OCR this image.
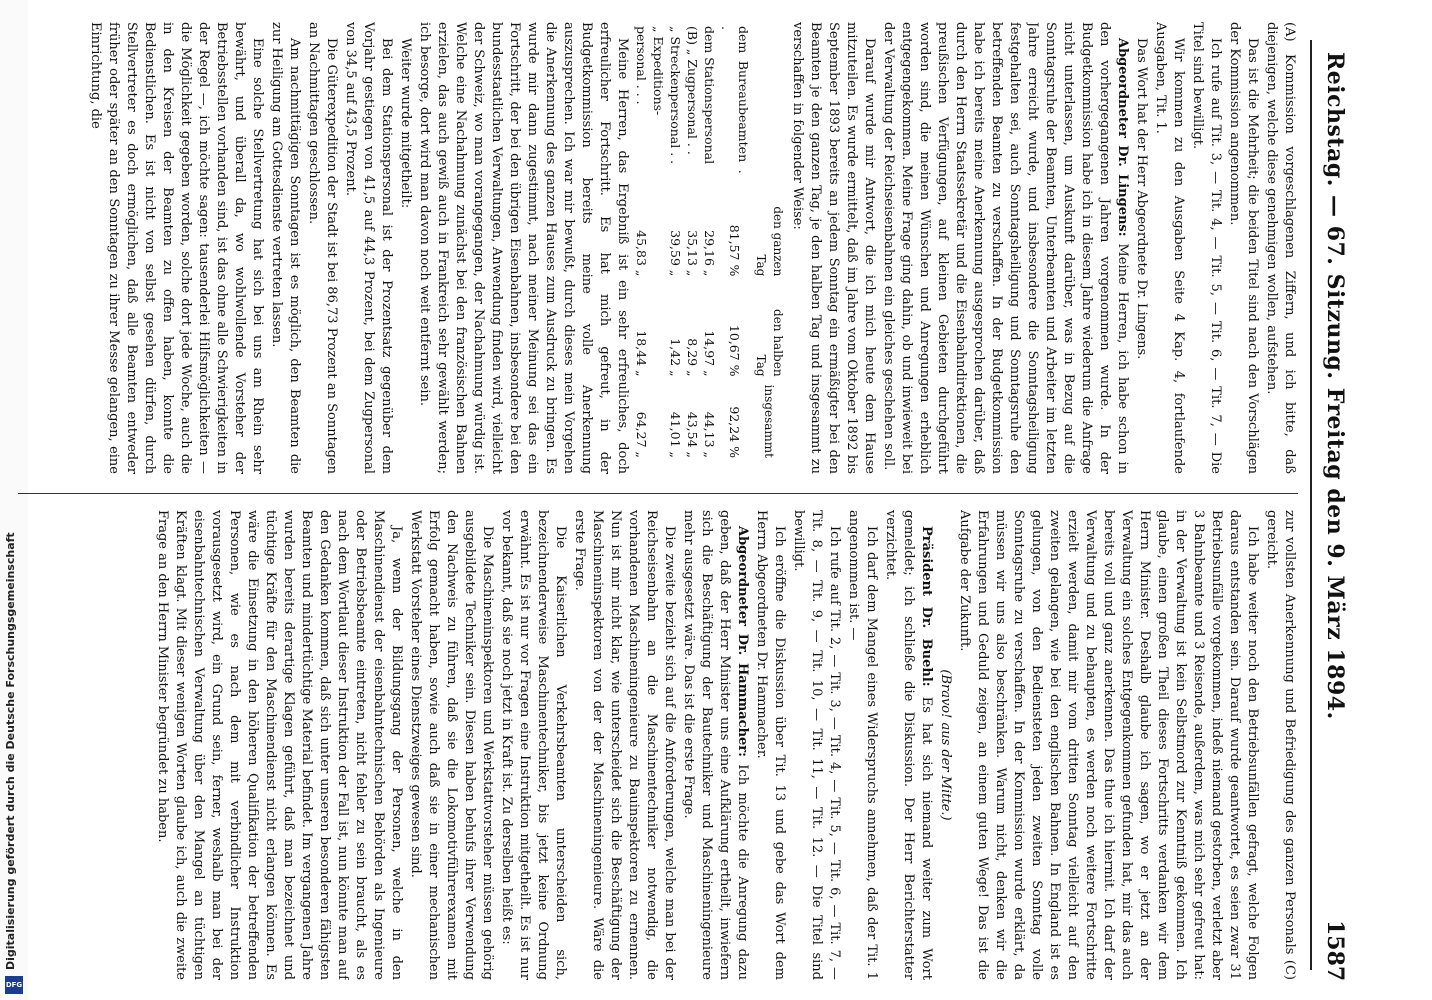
Digitalisierung gefördert durch die Deutsche Forschungsgemeinschaft
DFG
Reichstag. — 67. Sitzung. Freitag den 9. März 1894.
1587

(A) Kommission vorgeschlagenen Ziffern, und ich bitte, daß diejenigen, welche diese genehmigen wollen, aufstehen.

Das ist die Mehrheit; die beiden Titel sind nach den Vorschlägen der Kommission angenommen.

Ich rufe auf Tit. 3, — Tit. 4, — Tit. 5, — Tit. 6, — Tit. 7, — Die Titel sind bewilligt.

Wir kommen zu den Ausgaben Seite 4 Kap. 4, fortlaufende Ausgaben, Tit. 1.

Das Wort hat der Herr Abgeordnete Dr. Lingens.

Abgeordneter Dr. Lingens: Meine Herren, ich habe schon in den vorhergegangenen Jahren vorgenommen wurde. In der Budgetkommission habe ich in diesem Jahre wiederum die Anfrage nicht unterlassen, um Auskunft darüber, was in Bezug auf die Sonntagsruhe der Beamten, Unterbeamten und Arbeiter im letzten Jahre erreicht wurde, und insbesondere die Sonntagsheiligung festgehalten sei, auch Sonntagsheiligung und Sonntagsruhe den betreffenden Beamten zu verschaffen. In der Budgetkommission habe ich bereits meine Anerkennung ausgesprochen darüber, daß durch den Herrn Staatssekretär und die Eisenbahndirektionen, die preußischen Verfügungen, auf kleinen Gebieten durchgeführt worden sind, die meinen Wünschen und Anregungen erheblich entgegengekommen. Meine Frage ging dahin, ob und inwieweit bei der Verwaltung der Reichseisenbahnen ein gleiches geschehen soll.

Darauf wurde mir Antwort, die ich mich heute dem Hause mitzuteilen. Es wurde ermittelt, daß im Jahre vom Oktober 1892 bis September 1893 bereits an jedem Sonntag ein ermäßigter bei den Beamten je den ganzen Tag, je den halben Tag und insgesammt zu verschaffen in folgender Weise:

	den ganzen Tag	den halben Tag	insgesammt
dem Bureaubeamten . .	81,57 %	10,67 %	92,24 %
dem Stationspersonal	29,16 „	14,97 „	44,13 „
(B) „ Zugpersonal . .	35,13 „	8,29 „	43,54 „
„ Streckenpersonal . .	39,59 „	1,42 „	41,01 „
„ Expeditions-			
personal . . .	45,83 „	18,44 „	64,27 „

Meine Herren, das Ergebniß ist ein sehr erfreuliches, doch erfreulicher Fortschritt. Es hat mich gefreut, in der Budgetkommission bereits meine volle Anerkennung auszusprechen. Ich war mir bewußt, durch dieses mein Vorgehen die Anerkennung des ganzen Hauses zum Ausdruck zu bringen. Es wurde mir dann zugestimmt, nach meiner Meinung sei das ein Fortschritt, der bei den übrigen Eisenbahnen, insbesondere bei den bundesstaatlichen Verwaltungen, Anwendung finden wird, vielleicht der Schweiz, wo man vorangegangen, der Nachahmung würdig ist. Welche eine Nachahmung zunächst bei den französischen Bahnen erzielen, das auch gewiß auch in Frankreich sehr gewählt werden; ich besorge, dort wird man davon noch weit entfernt sein.

Weiter wurde mitgetheilt:

Bei dem Stationspersonal ist der Prozentsatz gegenüber dem Vorjahr gestiegen von 41,5 auf 44,3 Prozent, bei dem Zugpersonal von 34,5 auf 43,5 Prozent.

Die Güterexpedition der Stadt ist bei 86,73 Prozent an Sonntagen an Nachmittagen geschlossen.

Am nachmittägigen Sonntagen ist es möglich, den Beamten die zur Heiligung am Gottesdienste vertreten lassen.

Eine solche Stellvertretung hat sich bei uns am Rhein sehr bewährt, und überall da, wo wohlwollende Vorsteher der Betriebsstellen vorhanden sind, ist das ohne alle Schwierigkeiten in der Regel —, ich möchte sagen: tausenderlei Hilfsmöglichkeiten — die Möglichkeit gegeben worden, solche dort jede Woche, auch die in den Kreisen der Beamten zu offen haben, konnte die Bedienstlichen. Es ist nicht von selbst gesehen dürfen, durch Stellvertreter es doch ermöglichen, daß alle Beamten entweder früher oder später an den Sonntagen zu ihrer Messe gelangen, eine Einrichtung, die

zur vollsten Anerkennung und Befriedigung des ganzen Personals (C) gereicht.

Ich habe weiter noch den Betriebsunfällen gefragt, welche Folgen daraus entstanden sein. Darauf wurde geantwortet, es seien zwar 31 Betriebsunfälle vorgekommen, indeß niemand gestorben, verletzt aber 3 Bahnbeamte und 3 Reisende, außerdem, was mich sehr gefreut hat: in der Verwaltung ist kein Selbstmord zur Kenntniß gekommen. Ich glaube, einen großen Theil dieses Fortschritts verdanken wir dem Herrn Minister. Deshalb glaube ich sagen, wo er jetzt an der Verwaltung ein solches Entgegenkommen gefunden hat, mir das auch bereits voll und ganz anerkennen. Das thue ich hiermit. Ich darf der Verwaltung und zu behaupten, es werden noch weitere Fortschritte erzielt werden, damit mir vom dritten Sonntag vielleicht auf den zweiten gelangen, wie bei den englischen Bahnen. In England ist es gelungen, von den Bediensteten jeden zweiten Sonntag volle Sonntagsruhe zu verschaffen. In der Kommission wurde erklärt, da müssen wir uns also beschränken. Warum nicht, denken wir die Erfahrungen und Geduld zeigen, an einem guten Wege! Das ist die Aufgabe der Zukunft.

(Bravo! aus der Mitte.)

Präsident Dr. Buehl: Es hat sich niemand weiter zum Wort gemeldet; ich schließe die Diskussion. Der Herr Berichterstatter verzichtet.

Ich darf dem Mangel eines Widerspruchs annehmen, daß der Tit. 1 angenommen ist. —

Ich rufe auf Tit. 2, — Tit. 3, — Tit. 4, — Tit. 5, — Tit. 6, — Tit. 7, — Tit. 8, — Tit. 9, — Tit. 10, — Tit. 11, — Tit. 12. — Die Titel sind bewilligt.

Ich eröffne die Diskussion über Tit. 13 und gebe das Wort dem Herrn Abgeordneten Dr. Hammacher.

Abgeordneter Dr. Hammacher: Ich möchte die Anregung dazu geben, daß der Herr Minister uns eine Aufklärung ertheilt, inwiefern sich die Beschäftigung der Bautechniker und Maschineningenieure mehr ausgesetzt wäre. Das ist die erste Frage.

Die zweite bezieht sich auf die Anforderungen, welche man bei der Reichseisenbahn an die Maschinentechniker notwendig, die vorhandenen Maschineningenieure zu Bauinspektoren zu ernennen. Nun ist mir nicht klar, wie unterscheidet sich die Beschäftigung der Maschineninspektoren von der der Maschineningenieure. Wäre die erste Frage.

Die Kaiserlichen Verkehrsbeamten unterscheiden sich, bezeichnenderweise Maschinentechniker, bis jetzt keine Ordnung erwähnt. Es ist nur vor Fragen eine Instruktion mitgetheilt. Es ist nur vor bekannt, daß sie noch jetzt in Kraft ist. Zu derselben heißt es:

Die Maschineninspektoren und Werkstattvorsteher müssen gehörig ausgebildete Techniker sein. Diesen haben behufs ihrer Verwendung den Nachweis zu führen, daß sie die Lokomotivführerexamen mit Erfolg gemacht haben, sowie auch daß sie in einer mechanischen Werkstatt Vorsteher eines Dienstzweiges gewesen sind.

Ja, wenn der Bildungsgang der Personen, welche in den Maschinendienst der eisenbahntechnischen Behörden als Ingenieure oder Betriebsbeamte eintreten, nicht fehler zu sein braucht, als es nach dem Wortlaut dieser Instruktion der Fall ist, nun könnte man auf den Gedanken kommen, daß sich unter unseren besonderen fähigsten Beamten und mindertüchtige Material befindet. Im vergangenen Jahre wurden bereits derartige Klagen geführt, daß man bezeichnet und tüchtige Kräfte für den Maschinendienst nicht erlangen können. Es wäre die Einsetzung in den höheren Qualifikation der betreffenden Personen, wie es nach dem mit verbindlicher Instruktion vorausgesetzt wird, ein Grund sein, ferner, weshalb man bei der eisenbahntechnischen Verwaltung über den Mangel an tüchtigen Kräften klagt. Mit dieser wenigen Worten glaube ich, auch die zweite Frage an den Herrn Minister begründet zu haben.
